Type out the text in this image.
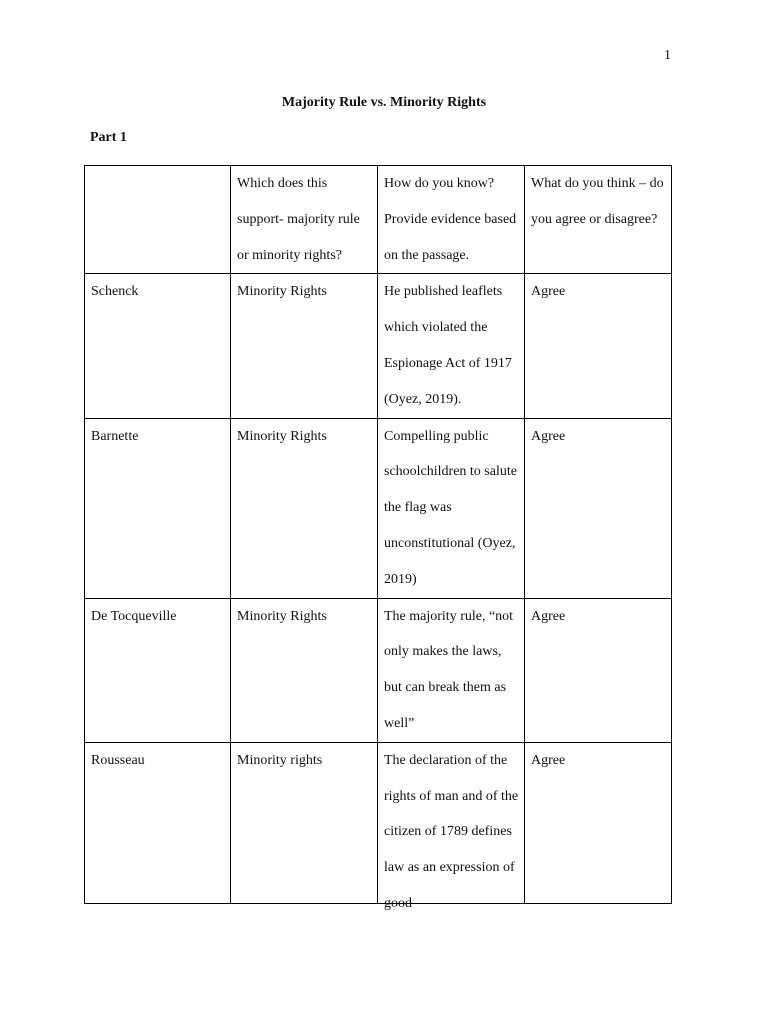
1
Majority Rule vs. Minority Rights
Part 1

	Which does this support- majority rule or minority rights?	How do you know? Provide evidence based on the passage.	What do you think – do you agree or disagree?

Schenck	Minority Rights	He published leaflets which violated the Espionage Act of 1917 (Oyez, 2019).	Agree

Barnette	Minority Rights	Compelling public schoolchildren to salute the flag was unconstitutional (Oyez, 2019)	Agree

De Tocqueville	Minority Rights	The majority rule, “not only makes the laws, but can break them as well”	Agree

Rousseau	Minority rights	The declaration of the rights of man and of the citizen of 1789 defines law as an expression of good	Agree
